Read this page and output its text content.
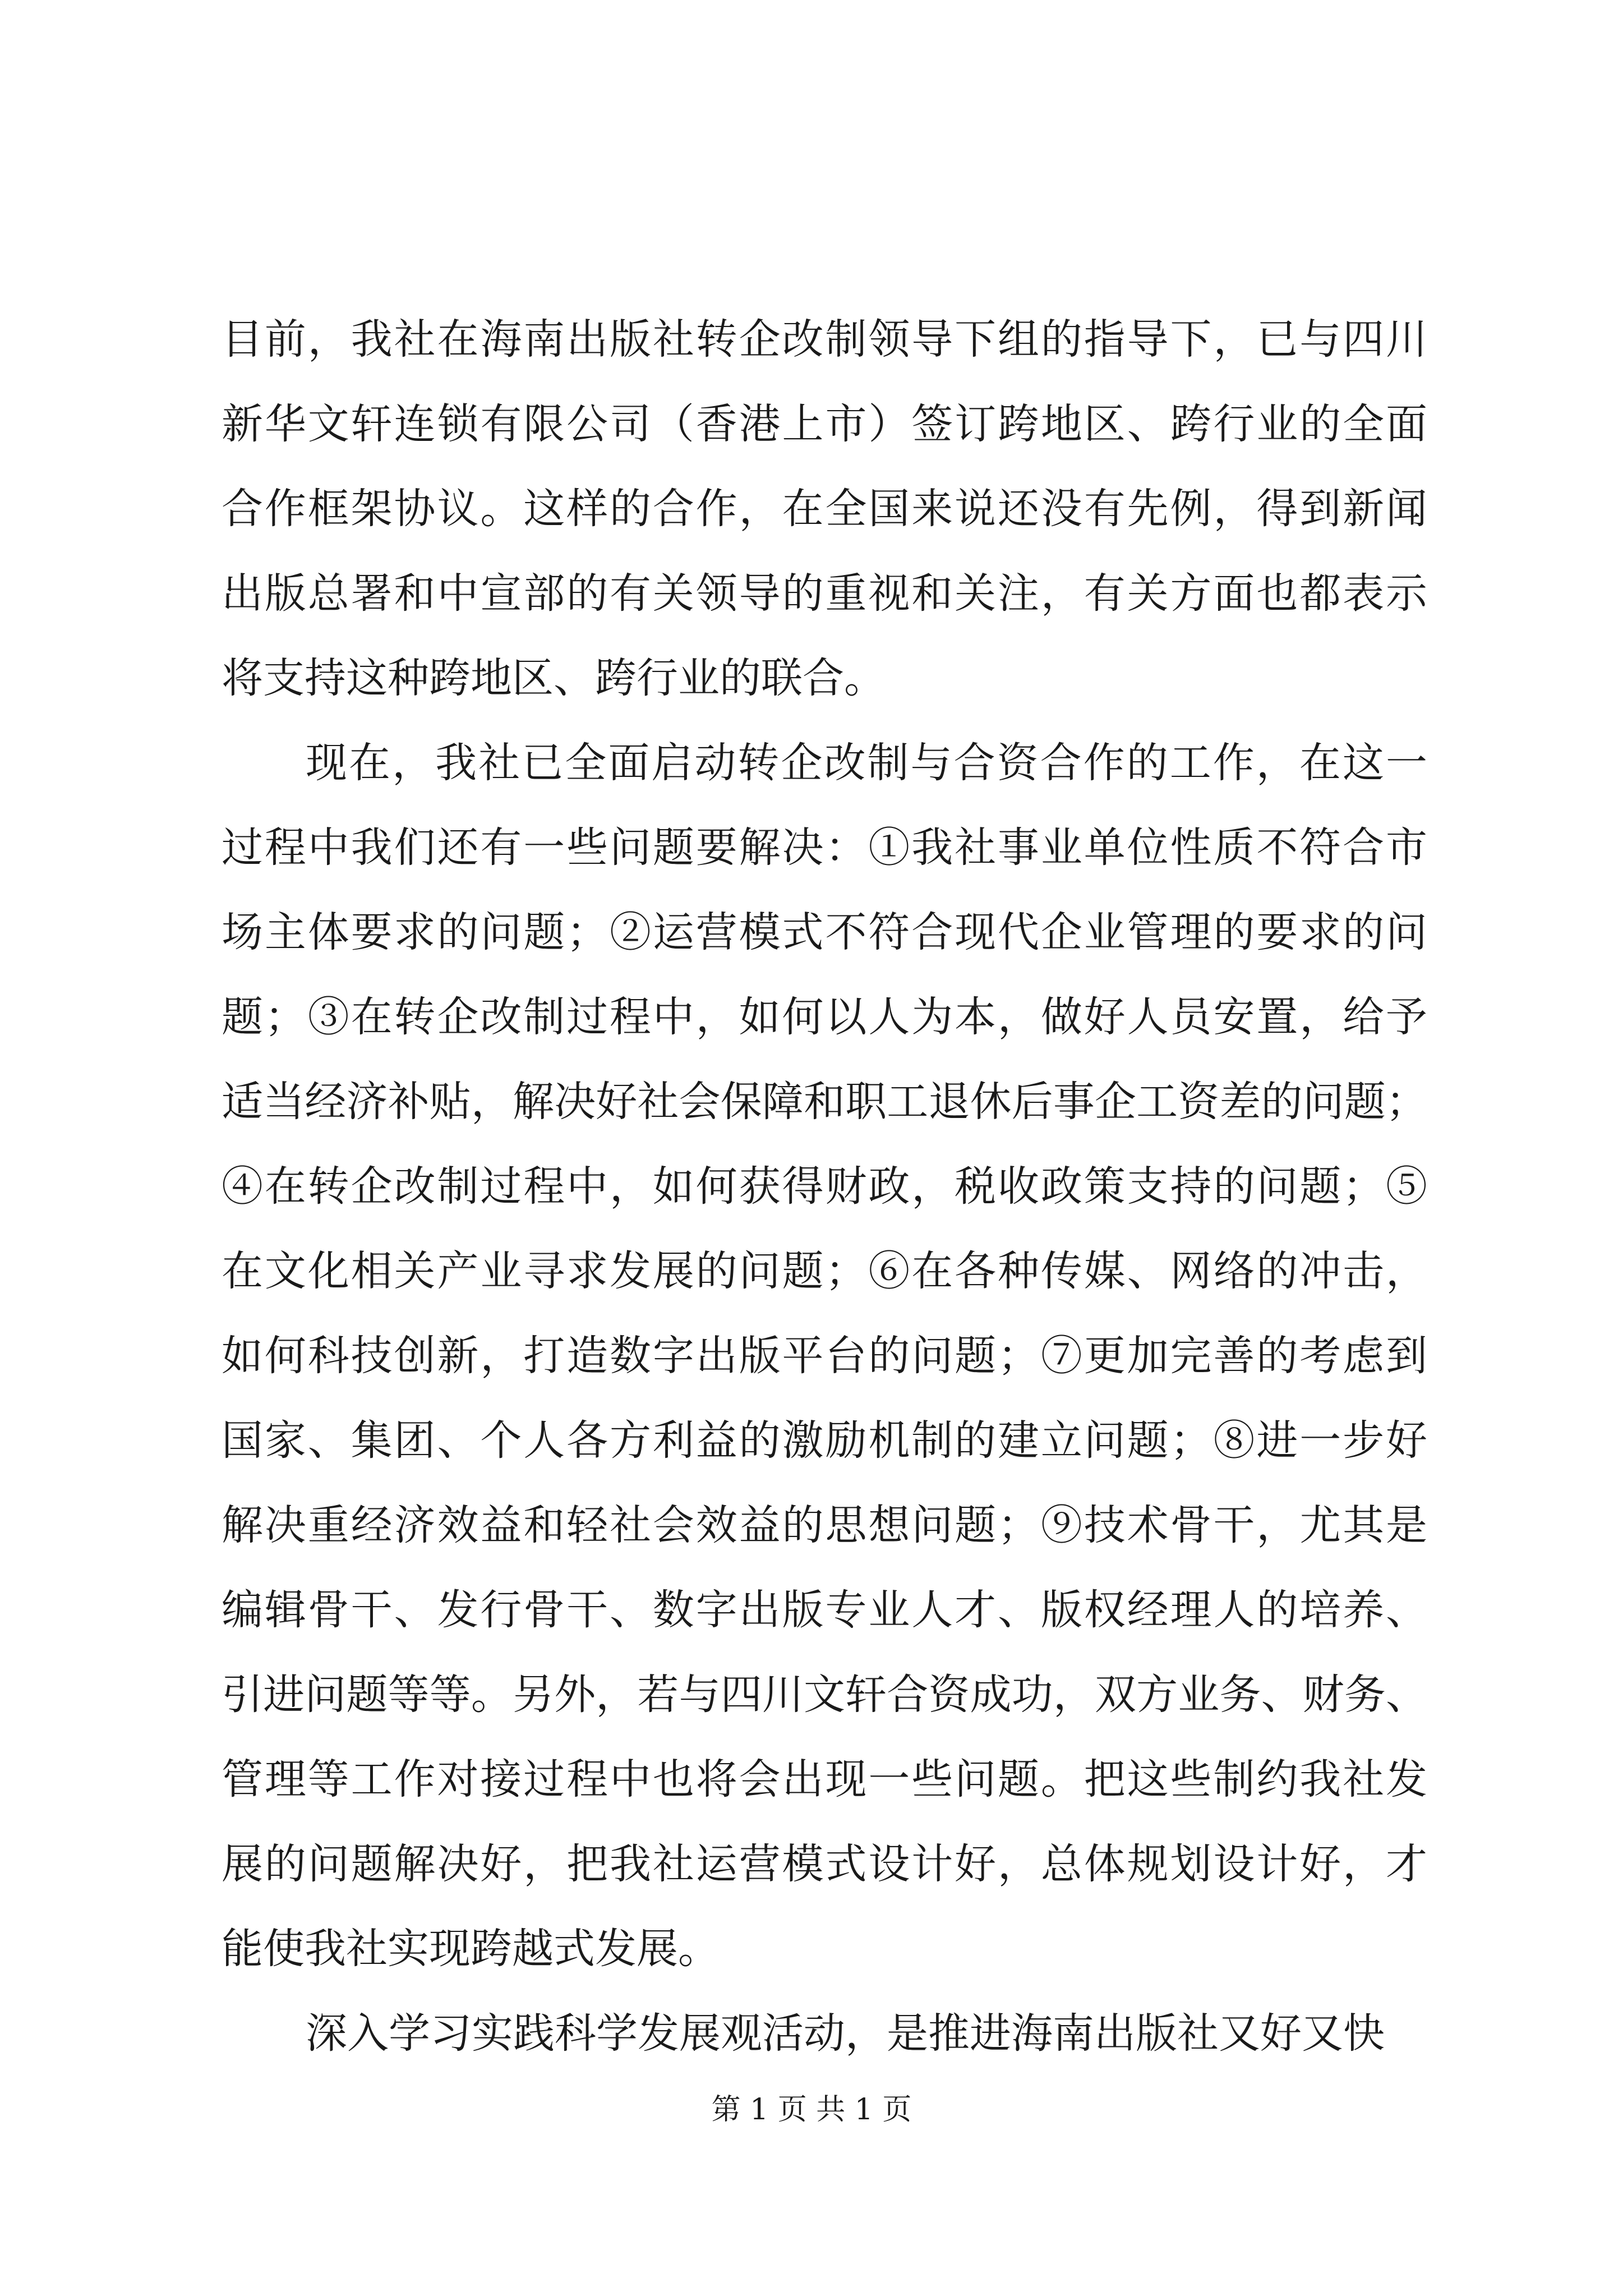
目前，我社在海南出版社转企改制领导下组的指导下，已与四川
新华文轩连锁有限公司（香港上市）签订跨地区、跨行业的全面
合作框架协议。这样的合作，在全国来说还没有先例，得到新闻
出版总署和中宣部的有关领导的重视和关注，有关方面也都表示
将支持这种跨地区、跨行业的联合。
现在，我社已全面启动转企改制与合资合作的工作，在这一
过程中我们还有一些问题要解决：①我社事业单位性质不符合市
场主体要求的问题；②运营模式不符合现代企业管理的要求的问
题；③在转企改制过程中，如何以人为本，做好人员安置，给予
适当经济补贴，解决好社会保障和职工退休后事企工资差的问题；
④在转企改制过程中，如何获得财政，税收政策支持的问题；⑤
在文化相关产业寻求发展的问题；⑥在各种传媒、网络的冲击，
如何科技创新，打造数字出版平台的问题；⑦更加完善的考虑到
国家、集团、个人各方利益的激励机制的建立问题；⑧进一步好
解决重经济效益和轻社会效益的思想问题；⑨技术骨干，尤其是
编辑骨干、发行骨干、数字出版专业人才、版权经理人的培养、
引进问题等等。另外，若与四川文轩合资成功，双方业务、财务、
管理等工作对接过程中也将会出现一些问题。把这些制约我社发
展的问题解决好，把我社运营模式设计好，总体规划设计好，才
能使我社实现跨越式发展。
深入学习实践科学发展观活动，是推进海南出版社又好又快
第 1 页 共 1 页
